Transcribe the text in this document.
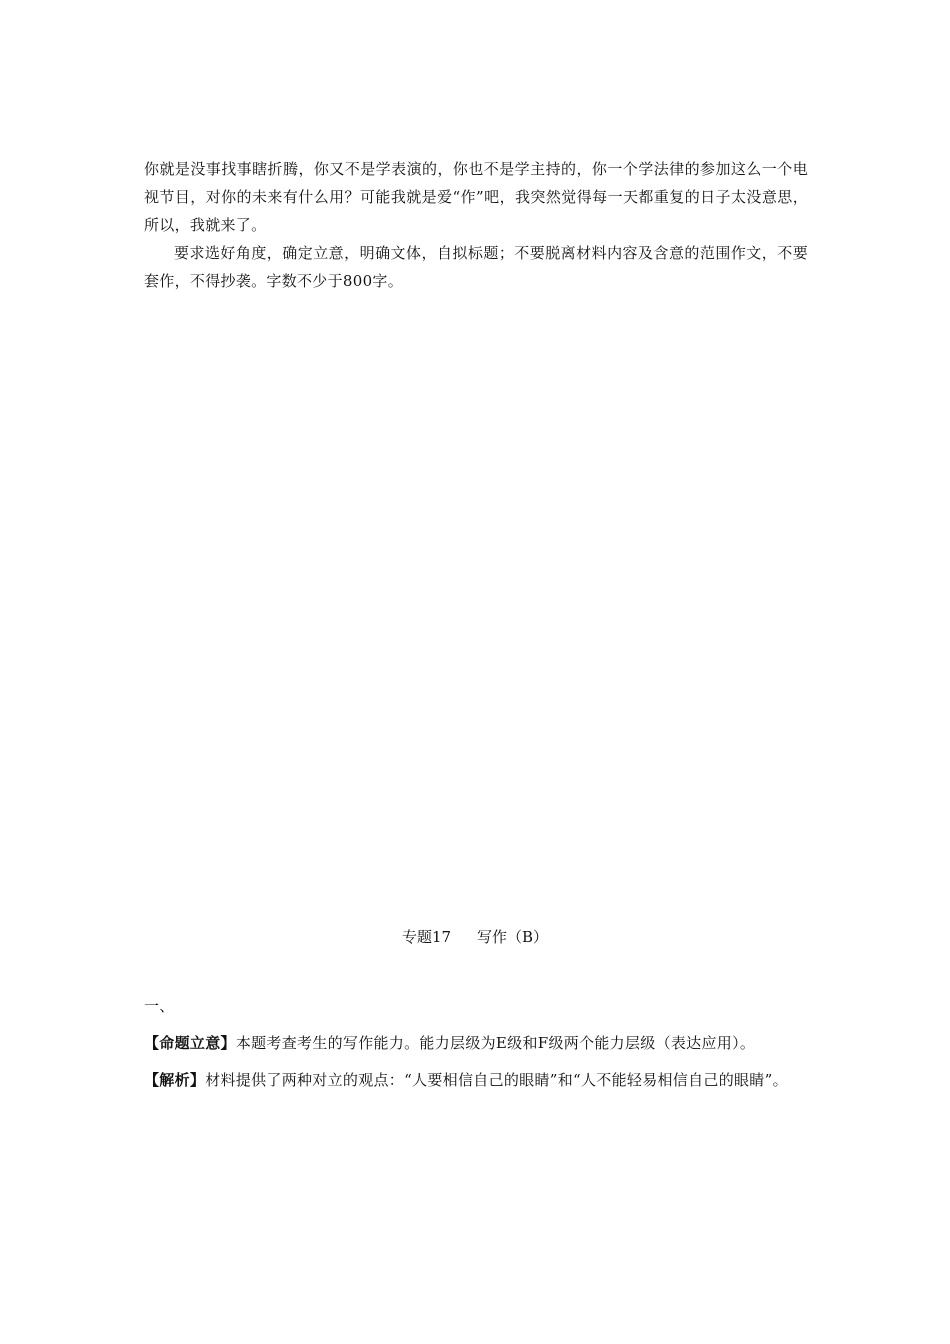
你就是没事找事瞎折腾，你又不是学表演的，你也不是学主持的，你一个学法律的参加这么一个电视节目，对你的未来有什么用？可能我就是爱“作”吧，我突然觉得每一天都重复的日子太没意思，所以，我就来了。

要求选好角度，确定立意，明确文体，自拟标题；不要脱离材料内容及含意的范围作文，不要套作，不得抄袭。字数不少于800字。

专题17 写作（B）

一、

【命题立意】本题考查考生的写作能力。能力层级为E级和F级两个能力层级（表达应用）。

【解析】材料提供了两种对立的观点：“人要相信自己的眼睛”和“人不能轻易相信自己的眼睛”。
